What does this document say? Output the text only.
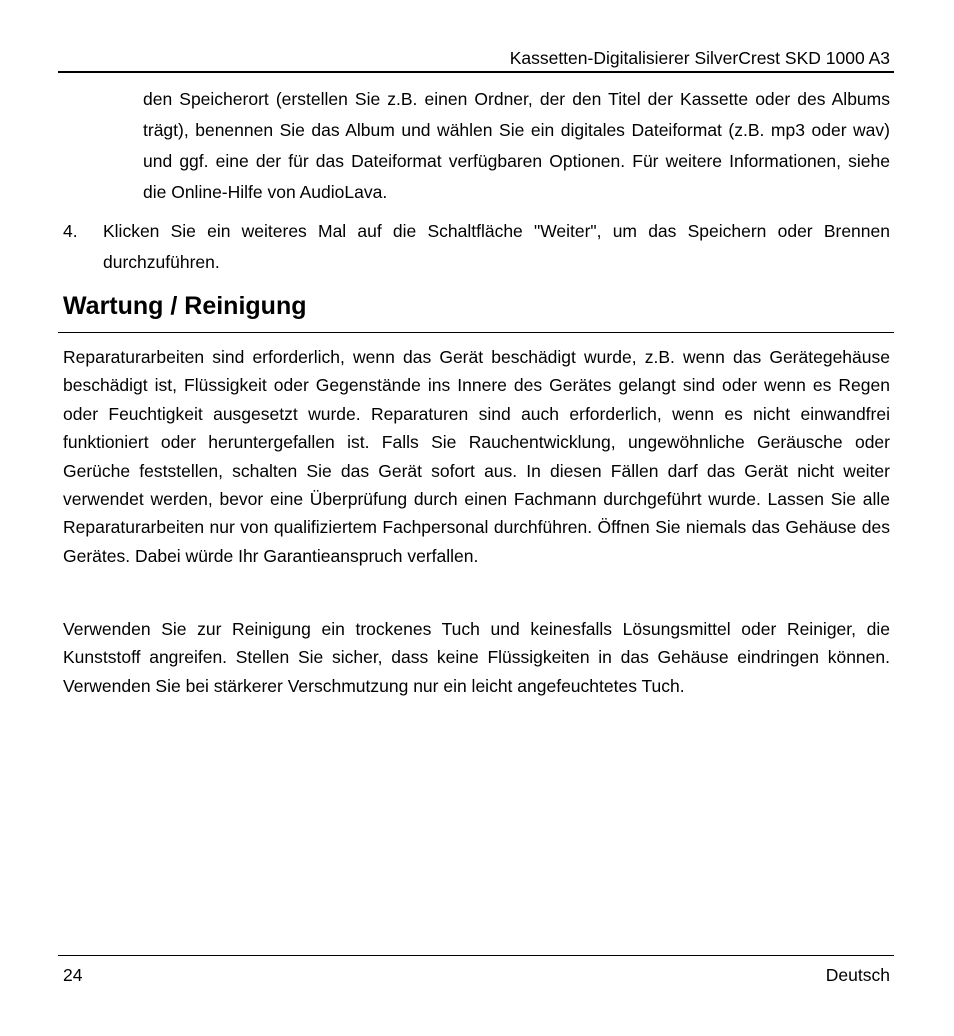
Kassetten-Digitalisierer SilverCrest SKD 1000 A3

den Speicherort (erstellen Sie z.B. einen Ordner, der den Titel der Kassette oder des Albums trägt), benennen Sie das Album und wählen Sie ein digitales Dateiformat (z.B. mp3 oder wav) und ggf. eine der für das Dateiformat verfügbaren Optionen. Für weitere Informationen, siehe die Online-Hilfe von AudioLava.

4. Klicken Sie ein weiteres Mal auf die Schaltfläche "Weiter", um das Speichern oder Brennen durchzuführen.

Wartung / Reinigung

Reparaturarbeiten sind erforderlich, wenn das Gerät beschädigt wurde, z.B. wenn das Gerätegehäuse beschädigt ist, Flüssigkeit oder Gegenstände ins Innere des Gerätes gelangt sind oder wenn es Regen oder Feuchtigkeit ausgesetzt wurde. Reparaturen sind auch erforderlich, wenn es nicht einwandfrei funktioniert oder heruntergefallen ist. Falls Sie Rauchentwicklung, ungewöhnliche Geräusche oder Gerüche feststellen, schalten Sie das Gerät sofort aus. In diesen Fällen darf das Gerät nicht weiter verwendet werden, bevor eine Überprüfung durch einen Fachmann durchgeführt wurde. Lassen Sie alle Reparaturarbeiten nur von qualifiziertem Fachpersonal durchführen. Öffnen Sie niemals das Gehäuse des Gerätes. Dabei würde Ihr Garantieanspruch verfallen.

Verwenden Sie zur Reinigung ein trockenes Tuch und keinesfalls Lösungsmittel oder Reiniger, die Kunststoff angreifen. Stellen Sie sicher, dass keine Flüssigkeiten in das Gehäuse eindringen können. Verwenden Sie bei stärkerer Verschmutzung nur ein leicht angefeuchtetes Tuch.

24	Deutsch
